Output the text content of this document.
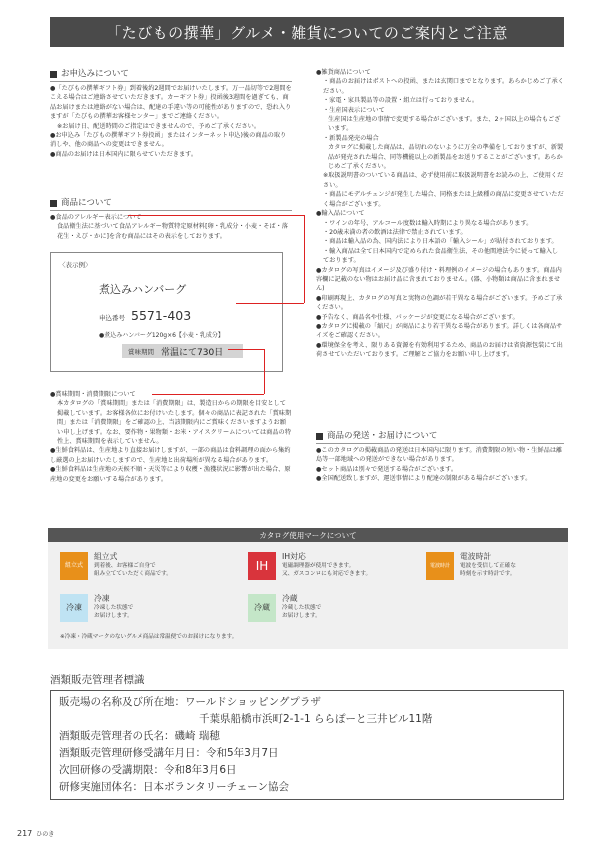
「たびもの撰華」グルメ・雑貨についてのご案内とご注意
お申込みについて

●「たびもの撰華ギフト券」到着後約2週間でお届けいたします。万一品切等で2週間をこえる場合はご連絡させていただきます。カーギフト券」投函後3週間を過ぎても、商品お届けまたは連絡がない場合は、配達の手違い等の可能性がありますので、恐れ入りますが「たびもの撰華お客様センター」までご連絡ください。

※お届け日、配送時間のご指定はできませんので、予めご了承ください。

●お申込み「たびもの撰華ギフト券投函」またはインターネット申込)後の商品の取り消しや、他の商品への変更はできません。

●商品のお届けは日本国内に限らせていただきます。

商品について

●食品のアレルギー表示について

食品衛生法に基づいて食品アレルギー物質特定原材料[卵・乳成分・小麦・そば・落花生・えび・かに]を含む商品にはその表示をしております。

〈表示例〉
煮込みハンバーグ
申込番号 5571-403
●煮込みハンバーグ120g×6【小麦・乳成分】
賞味期間 常温にて730日

●賞味期間・消費期限について

本カタログの「賞味期間」または「消費期限」は、製造日からの期限を目安として掲載しています。お客様各位にお付けいたします。個々の商品に表記された「賞味期間」または「消費期限」をご確認の上、当該期限内にご賞味くださいますようお願い申し上げます。なお、要作物・果物類・お米・アイスクリームについては商品の特性上、賞味期間を表示していません。

●生鮮食料品は、生産地より直接お届けしますが、一部の商品は食料調理の面から集約し厳選の上お届けいたしますので、生産地と出荷場所が異なる場合があります。

●生鮮食料品は生産地の天候不順・天災等により収穫・漁獲状況に影響が出た場合、原産地の変更をお願いする場合があります。

●雑貨商品について

・商品のお届けはポストへの投函、または玄関口までとなります。あらかじめご了承ください。

・家電・家具製品等の設置・組立は行っておりません。

・生産国表示について

生産国は生産地の事情で変更する場合がございます。また、2ヶ国以上の場合もございます。

・新製品発売の場合

カタログに掲載した商品は、品切れのないように万全の準備をしておりますが、新製品が発売された場合、同等機能以上の新製品をお送りすることがございます。あらかじめご了承ください。

※取扱説明書のついている商品は、必ず使用前に取扱説明書をお読みの上、ご使用ください。

・商品にモデルチェンジが発生した場合、同格または上級種の商品に変更させていただく場合がございます。

●輸入品について

・ワインの年号、アルコール度数は輸入時期により異なる場合があります。

・20歳未満の者の飲酒は法律で禁止されています。

・商品は輸入品の為、国内法により日本語の「輸入シール」が貼付されております。

・輸入商品は全て日本国内で定められた食品衛生法、その他関連法令に従って輸入しております。

●カタログの写真はイメージ及び盛り付け・料理例のイメージの場合もあります。商品内容欄に記載のない物はお届け品に含まれておりません。(器、小物類は商品に含まれません)

●印刷再現上、カタログの写真と実物の色調が若干異なる場合がございます。予めご了承ください。

●予告なく、商品名や仕様、パッケージが変更になる場合がございます。

●カタログに掲載の「縮尺」が商品により若干異なる場合があります。詳しくは各商品サイズをご確認ください。

●環境保全を考え、限りある資源を有効利用するため、商品のお届けは省資源包装にて出荷させていただいております。ご理解とご協力をお願い申し上げます。

商品の発送・お届けについて

●このカタログの掲載商品の発送は日本国内に限ります。消費期限の短い物・生鮮品は離島等一部地域への発送ができない場合があります。

●セット商品は別々で発送する場合がございます。

●全国配送致しますが、運送事情により配達の制限がある場合がございます。

カタログ使用マークについて
組立式
組立式
到着後、お客様ご自身で
組み立てていただく商品です。
IH
IH対応
電磁調理器が使用できます。
又、ガスコンロにも対応できます。
電波時計
電波時計
電波を受信して正確な
時刻を示す時計です。
冷凍
冷凍
冷凍した状態で
お届けします。
冷蔵
冷蔵
冷蔵した状態で
お届けします。
※冷凍・冷蔵マークのないグルメ商品は常温便でのお届けになります。
酒類販売管理者標識

販売場の名称及び所在地：ワールドショッピングプラザ

千葉県船橋市浜町2-1-1 ららぽーと三井ビル11階

酒類販売管理者の氏名：磯崎 瑞穂

酒類販売管理研修受講年月日：令和5年3月7日

次回研修の受講期限：令和8年3月6日

研修実施団体名：日本ボランタリーチェーン協会

217 ひのき
